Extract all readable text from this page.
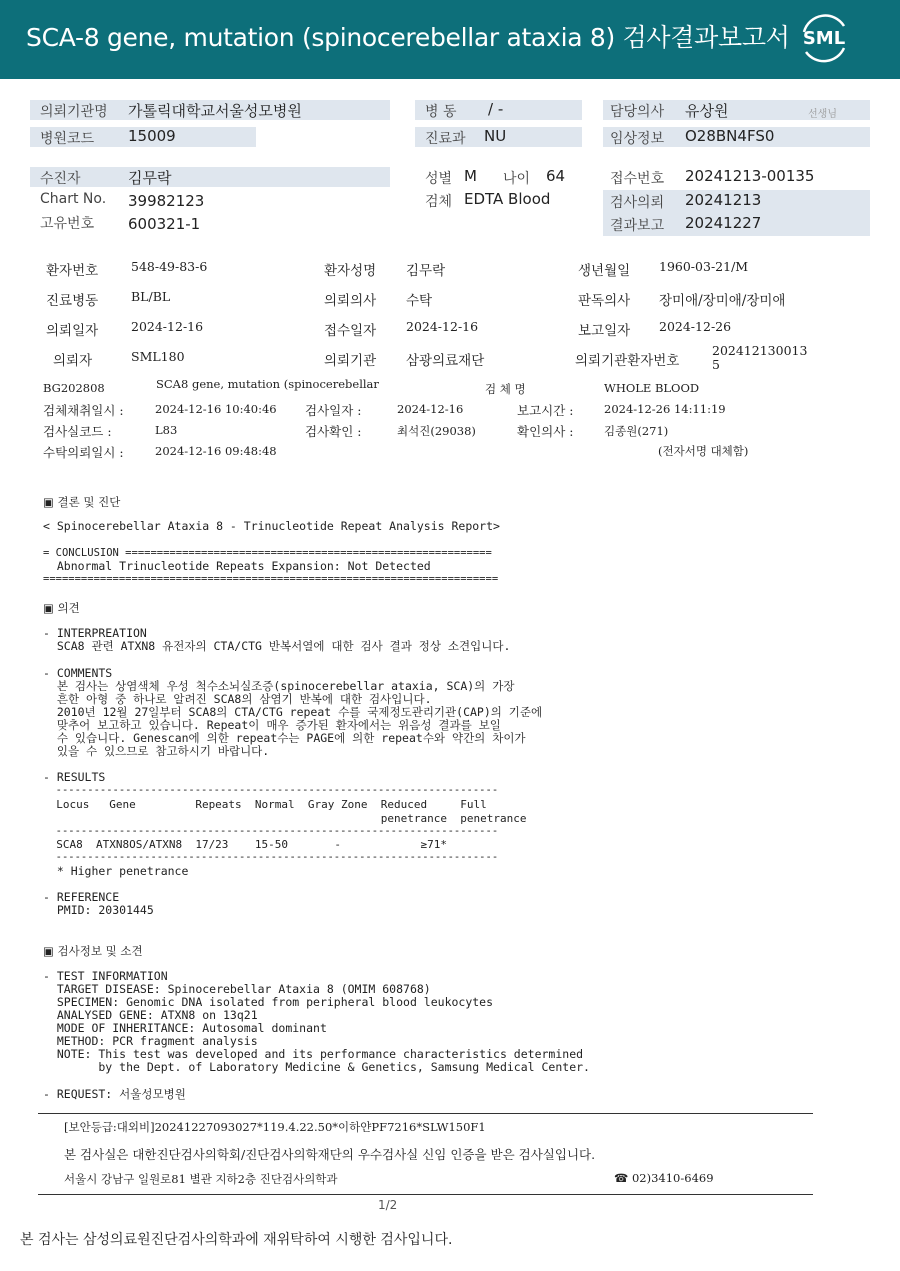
SCA-8 gene, mutation (spinocerebellar ataxia 8) 검사결과보고서 SML
의뢰기관명 가톨릭대학교서울성모병원
병원코드 15009
병 동 / -
진료과 NU
담당의사 유상원	선생님
임상정보 O28BN4FS0
수진자	김무락
Chart No. 39982123
고유번호 600321-1
성별 M 나이 64
검체 EDTA Blood
접수번호 20241213-00135
검사의뢰 20241213
결과보고 20241227
환자번호	548-49-83-6	환자성명 김무락	생년월일 1960-03-21/M
진료병동	BL/BL	의뢰의사 수탁	판독의사 장미애/장미애/장미애
의뢰일자	2024-12-16	접수일자 2024-12-16	보고일자 2024-12-26
의뢰자	SML180	의뢰기관 삼광의료재단	의뢰기관환자번호
202412130013
5
BG202808	SCA8 gene, mutation (spinocerebellar	검 체 명	WHOLE BLOOD
검체채취일시 :	2024-12-16 10:40:46 검사일자 :	2024-12-16	보고시간 :	2024-12-26 14:11:19
검사실코드 :	L83	검사확인 :	최석진(29038)	확인의사 :	김종원(271)
수탁의뢰일시 :	2024-12-16 09:48:48	(전자서명 대체함)
▣ 결론 및 진단
< Spinocerebellar Ataxia 8 - Trinucleotide Repeat Analysis Report>
= CONCLUSION ==========================================================
Abnormal Trinucleotide Repeats Expansion: Not Detected
========================================================================
▣ 의견
- INTERPREATION
SCA8 관련 ATXN8 유전자의 CTA/CTG 반복서열에 대한 검사 결과 정상 소견입니다.
- COMMENTS
본 검사는 상염색체 우성 척수소뇌실조증(spinocerebellar ataxia, SCA)의 가장
흔한 아형 중 하나로 알려진 SCA8의 삼염기 반복에 대한 검사입니다.
2010년 12월 27일부터 SCA8의 CTA/CTG repeat 수를 국제정도관리기관(CAP)의 기준에
맞추어 보고하고 있습니다. Repeat이 매우 증가된 환자에서는 위음성 결과를 보일
수 있습니다. Genescan에 의한 repeat수는 PAGE에 의한 repeat수와 약간의 차이가
있을 수 있으므로 참고하시기 바랍니다.
- RESULTS
----------------------------------------------------------------------
Locus   Gene         Repeats  Normal  Gray Zone  Reduced     Full
penetrance  penetrance
----------------------------------------------------------------------
SCA8  ATXN8OS/ATXN8  17/23    15-50       -            ≥71*
----------------------------------------------------------------------
* Higher penetrance
- REFERENCE
PMID: 20301445
▣ 검사정보 및 소견
- TEST INFORMATION
TARGET DISEASE: Spinocerebellar Ataxia 8 (OMIM 608768)
SPECIMEN: Genomic DNA isolated from peripheral blood leukocytes
ANALYSED GENE: ATXN8 on 13q21
MODE OF INHERITANCE: Autosomal dominant
METHOD: PCR fragment analysis
NOTE: This test was developed and its performance characteristics determined
by the Dept. of Laboratory Medicine & Genetics, Samsung Medical Center.
- REQUEST: 서울성모병원
[보안등급:대외비]20241227093027*119.4.22.50*이하얀PF7216*SLW150F1
본 검사실은 대한진단검사의학회/진단검사의학재단의 우수검사실 신임 인증을 받은 검사실입니다.
서울시 강남구 일원로81 별관 지하2층 진단검사의학과	☎ 02)3410-6469
1/2
본 검사는 삼성의료원진단검사의학과에 재위탁하여 시행한 검사입니다.
